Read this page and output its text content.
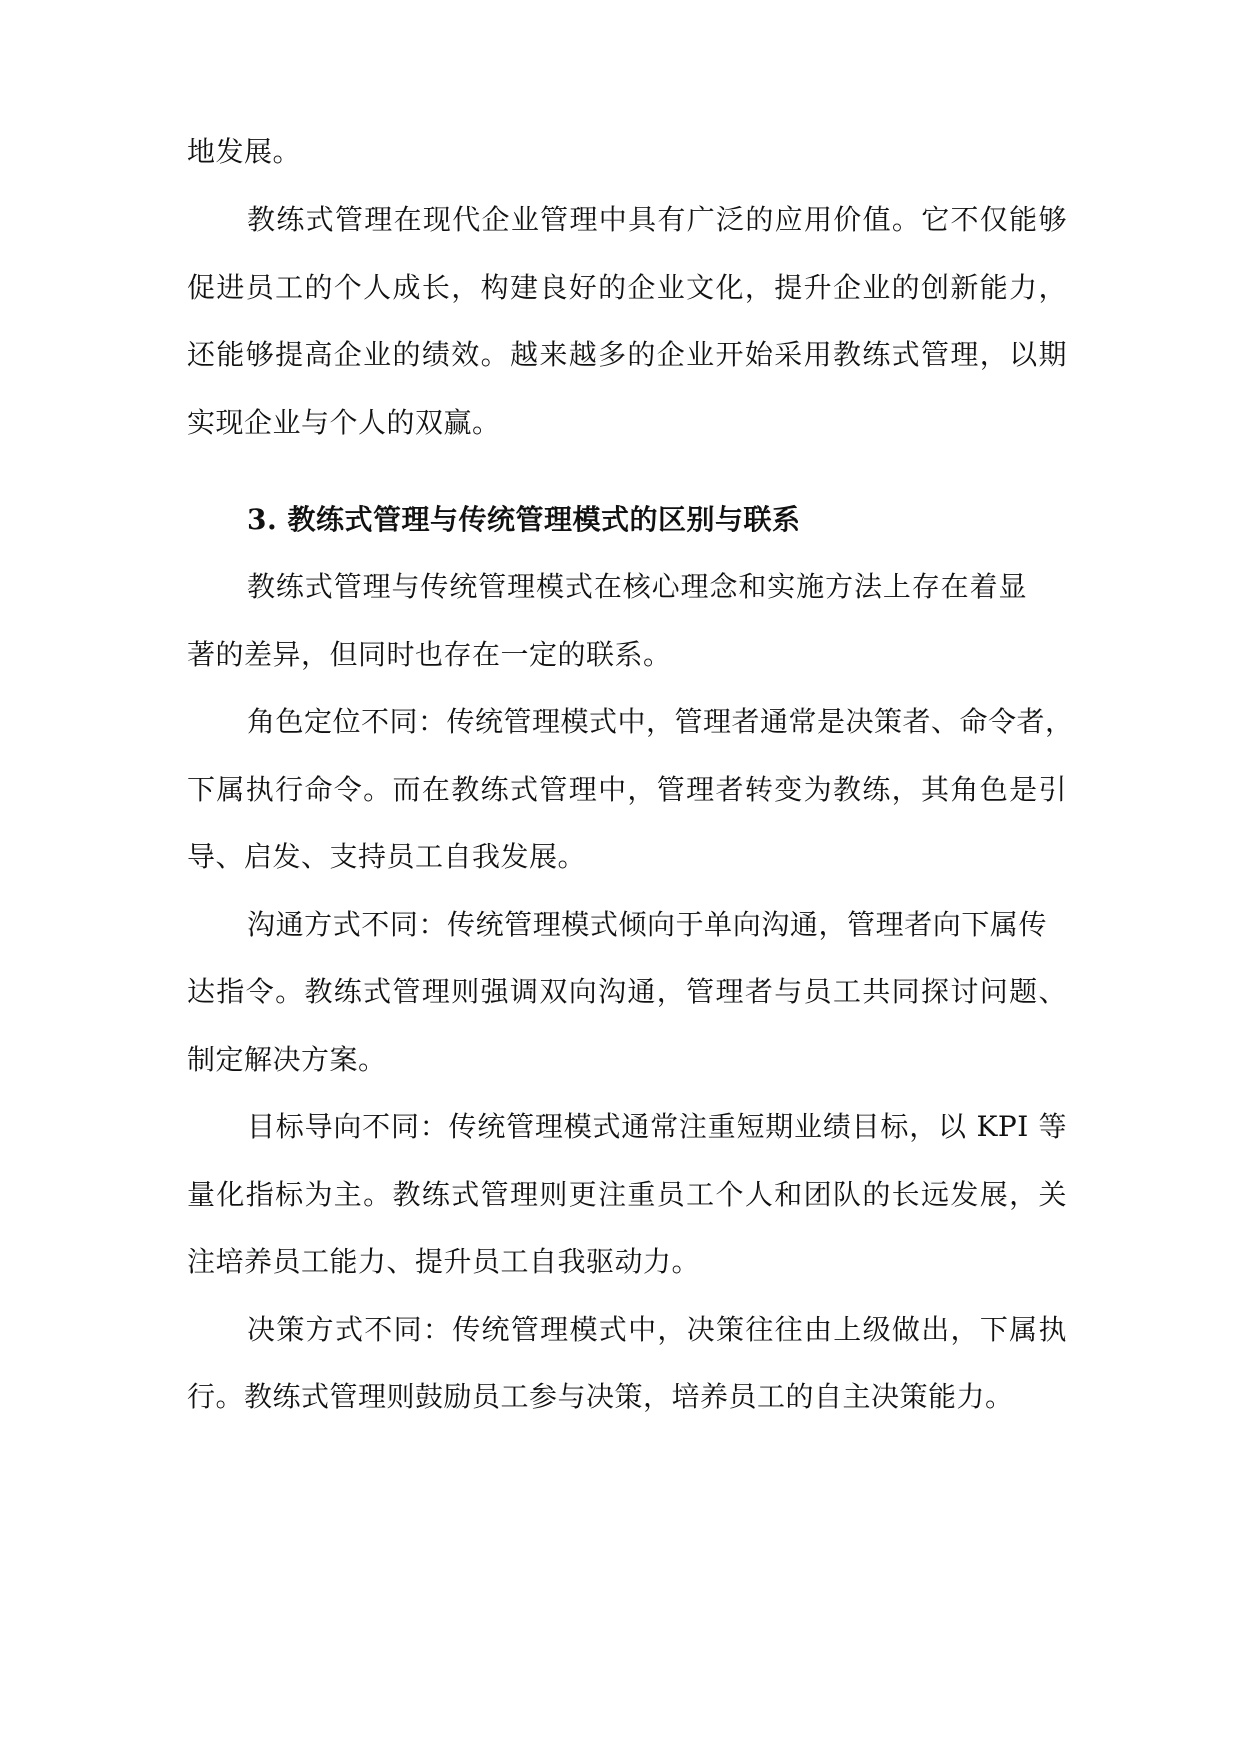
地发展。
教练式管理在现代企业管理中具有广泛的应用价值。它不仅能够
促进员工的个人成长，构建良好的企业文化，提升企业的创新能力，
还能够提高企业的绩效。越来越多的企业开始采用教练式管理，以期
实现企业与个人的双赢。
3. 教练式管理与传统管理模式的区别与联系
教练式管理与传统管理模式在核心理念和实施方法上存在着显
著的差异，但同时也存在一定的联系。
角色定位不同：传统管理模式中，管理者通常是决策者、命令者，
下属执行命令。而在教练式管理中，管理者转变为教练，其角色是引
导、启发、支持员工自我发展。
沟通方式不同：传统管理模式倾向于单向沟通，管理者向下属传
达指令。教练式管理则强调双向沟通，管理者与员工共同探讨问题、
制定解决方案。
目标导向不同：传统管理模式通常注重短期业绩目标，以 KPI 等
量化指标为主。教练式管理则更注重员工个人和团队的长远发展，关
注培养员工能力、提升员工自我驱动力。
决策方式不同：传统管理模式中，决策往往由上级做出，下属执
行。教练式管理则鼓励员工参与决策，培养员工的自主决策能力。
